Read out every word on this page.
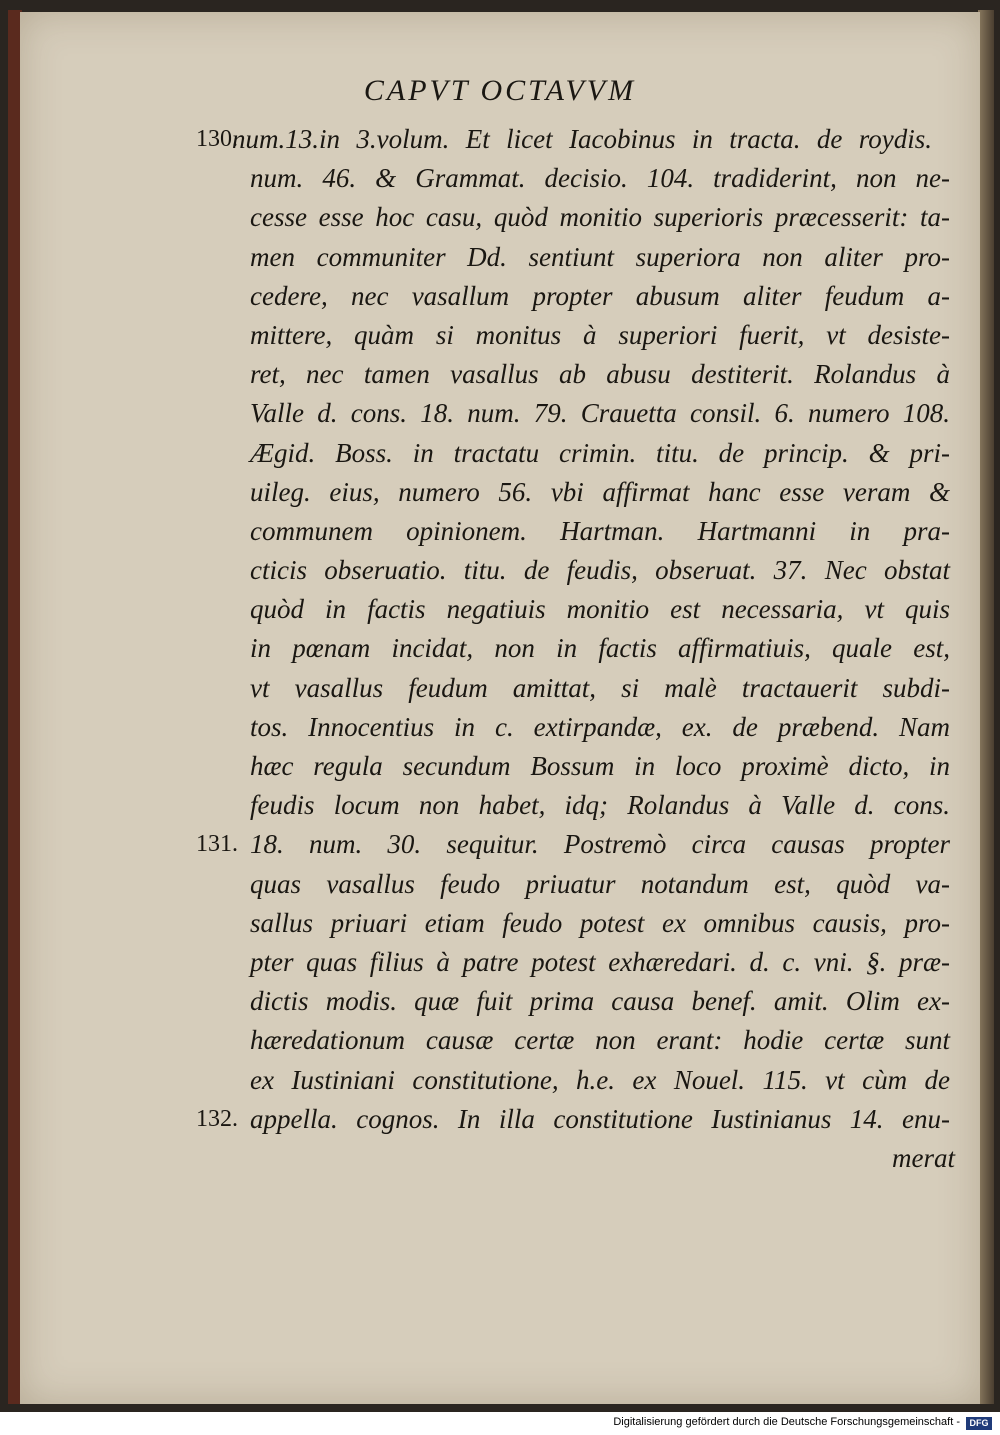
CAPVT OCTAVVM
130.
num.13.in 3.volum. Et licet Iacobinus in tracta. de roydis.
num. 46. & Grammat. decisio. 104. tradiderint, non ne-
cesse esse hoc casu, quòd monitio superioris præcesserit: ta-
men communiter Dd. sentiunt superiora non aliter pro-
cedere, nec vasallum propter abusum aliter feudum a-
mittere, quàm si monitus à superiori fuerit, vt desiste-
ret, nec tamen vasallus ab abusu destiterit. Rolandus à
Valle d. cons. 18. num. 79. Crauetta consil. 6. numero 108.
Ægid. Boss. in tractatu crimin. titu. de princip. & pri-
uileg. eius, numero 56. vbi affirmat hanc esse veram &
communem opinionem. Hartman. Hartmanni in pra-
cticis obseruatio. titu. de feudis, obseruat. 37. Nec obstat
quòd in factis negatiuis monitio est necessaria, vt quis
in pœnam incidat, non in factis affirmatiuis, quale est,
vt vasallus feudum amittat, si malè tractauerit subdi-
tos. Innocentius in c. extirpandæ, ex. de præbend. Nam
hæc regula secundum Bossum in loco proximè dicto, in
feudis locum non habet, idq; Rolandus à Valle d. cons.
131. 18. num. 30. sequitur. Postremò circa causas propter
quas vasallus feudo priuatur notandum est, quòd va-
sallus priuari etiam feudo potest ex omnibus causis, pro-
pter quas filius à patre potest exhæredari. d. c. vni. §. præ-
dictis modis. quæ fuit prima causa benef. amit. Olim ex-
hæredationum causæ certæ non erant: hodie certæ sunt
ex Iustiniani constitutione, h.e. ex Nouel. 115. vt cùm de
132. appella. cognos. In illa constitutione Iustinianus 14. enu-
merat
Digitalisierung gefördert durch die Deutsche Forschungsgemeinschaft -	DFG
